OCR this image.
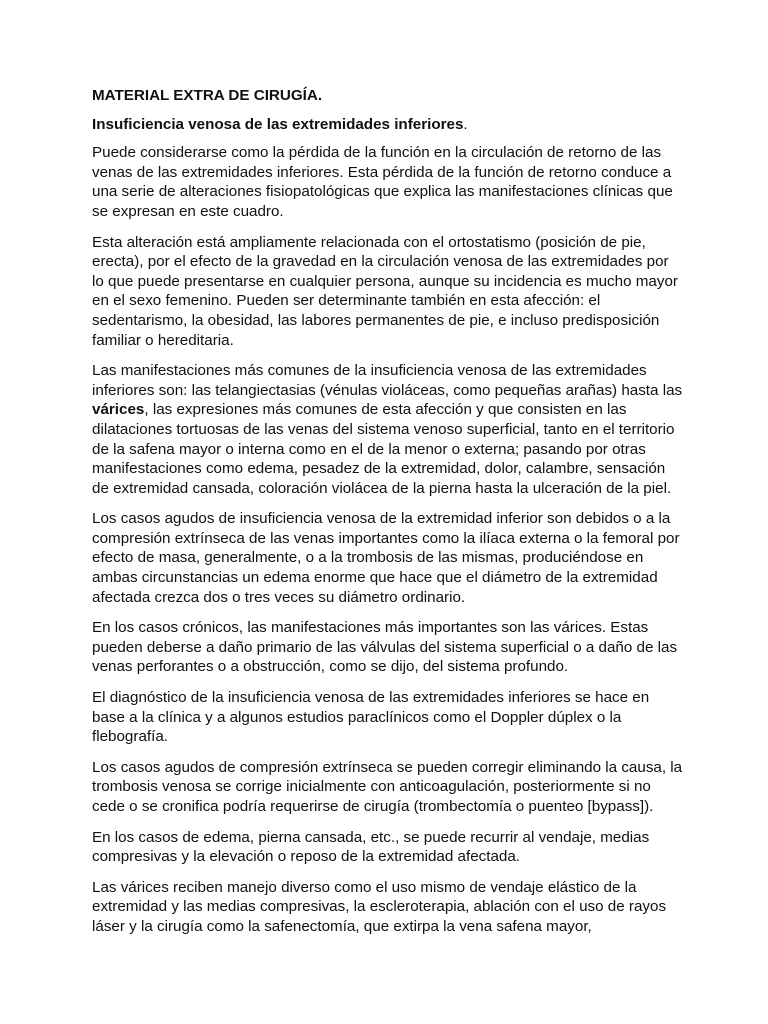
MATERIAL EXTRA DE CIRUGÍA.
Insuficiencia venosa de las extremidades inferiores.

Puede considerarse como la pérdida de la función en la circulación de retorno de las venas de las extremidades inferiores. Esta pérdida de la función de retorno conduce a una serie de alteraciones fisiopatológicas que explica las manifestaciones clínicas que se expresan en este cuadro.

Esta alteración está ampliamente relacionada con el ortostatismo (posición de pie, erecta), por el efecto de la gravedad en la circulación venosa de las extremidades por lo que puede presentarse en cualquier persona, aunque su incidencia es mucho mayor en el sexo femenino. Pueden ser determinante también en esta afección: el sedentarismo, la obesidad, las labores permanentes de pie, e incluso predisposición familiar o hereditaria.

Las manifestaciones más comunes de la insuficiencia venosa de las extremidades inferiores son: las telangiectasias (vénulas violáceas, como pequeñas arañas) hasta las várices, las expresiones más comunes de esta afección y que consisten en las dilataciones tortuosas de las venas del sistema venoso superficial, tanto en el territorio de la safena mayor o interna como en el de la menor o externa; pasando por otras manifestaciones como edema, pesadez de la extremidad, dolor, calambre, sensación de extremidad cansada, coloración violácea de la pierna hasta la ulceración de la piel.

Los casos agudos de insuficiencia venosa de la extremidad inferior son debidos o a la compresión extrínseca de las venas importantes como la ilíaca externa o la femoral por efecto de masa, generalmente, o a la trombosis de las mismas, produciéndose en ambas circunstancias un edema enorme que hace que el diámetro de la extremidad afectada crezca dos o tres veces su diámetro ordinario.

En los casos crónicos, las manifestaciones más importantes son las várices. Estas pueden deberse a daño primario de las válvulas del sistema superficial o a daño de las venas perforantes o a obstrucción, como se dijo, del sistema profundo.

El diagnóstico de la insuficiencia venosa de las extremidades inferiores se hace en base a la clínica y a algunos estudios paraclínicos como el Doppler dúplex o la flebografía.

Los casos agudos de compresión extrínseca se pueden corregir eliminando la causa, la trombosis venosa se corrige inicialmente con anticoagulación, posteriormente si no cede o se cronifica podría requerirse de cirugía (trombectomía o puenteo [bypass]).

En los casos de edema, pierna cansada, etc., se puede recurrir al vendaje, medias compresivas y la elevación o reposo de la extremidad afectada.

Las várices reciben manejo diverso como el uso mismo de vendaje elástico de la extremidad y las medias compresivas, la escleroterapia, ablación con el uso de rayos láser y la cirugía como la safenectomía, que extirpa la vena safena mayor,
